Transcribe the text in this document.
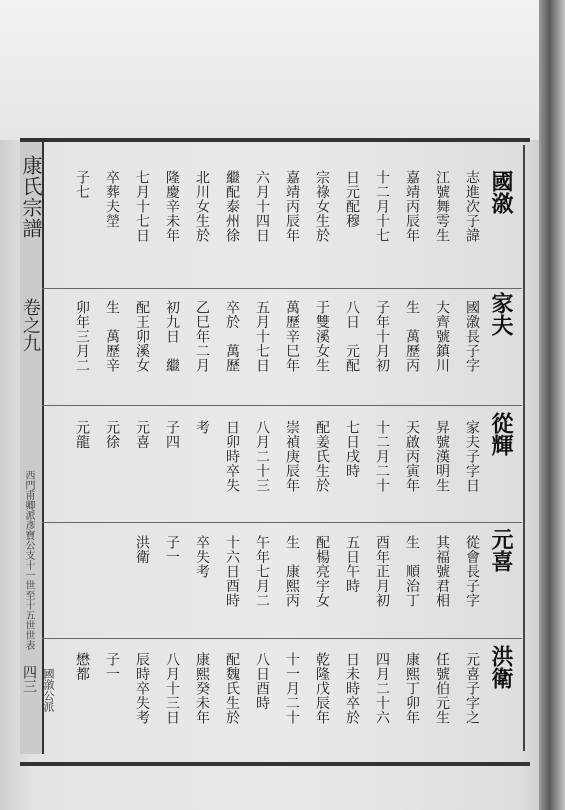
康氏宗譜
卷之九
西門甫卿派彥寶公支十一世至十五世世表
四三
國漵
志進次子諱
江號舞雩生
嘉靖丙辰年
十二月十七
日元配穆
宗祿女生於
嘉靖丙辰年
六月十四日
繼配泰州徐
北川女生於
隆慶辛未年
七月十七日
卒葬夫塋
子七
家夫
國漵長子字
大齊號鎮川
生　萬歷丙
子年十月初
八日　元配
于雙溪女生
萬歷辛巳年
五月十七日
卒於　萬歷
乙巳年二月
初九日　繼
配王卯溪女
生　萬歷辛
卯年三月二
從輝
家夫子字日
昇號漢明生
天啟丙寅年
十二月二十
七日戌時
配姜氏生於
崇禎庚辰年
八月二十三
日卯時卒失
考
子四
元喜
元徐
元龍
元喜
從會長子字
其福號君相
生　順治丁
酉年正月初
五日午時
配楊亮宇女
生　康熙丙
午年七月二
十六日酉時
卒失考
子一
洪衛
洪衛
元喜子字之
任號伯元生
康熙丁卯年
四月二十六
日未時卒於
乾隆戊辰年
十一月二十
八日酉時
配魏氏生於
康熙癸未年
八月十三日
辰時卒失考
子一
懋都
國漵公派
